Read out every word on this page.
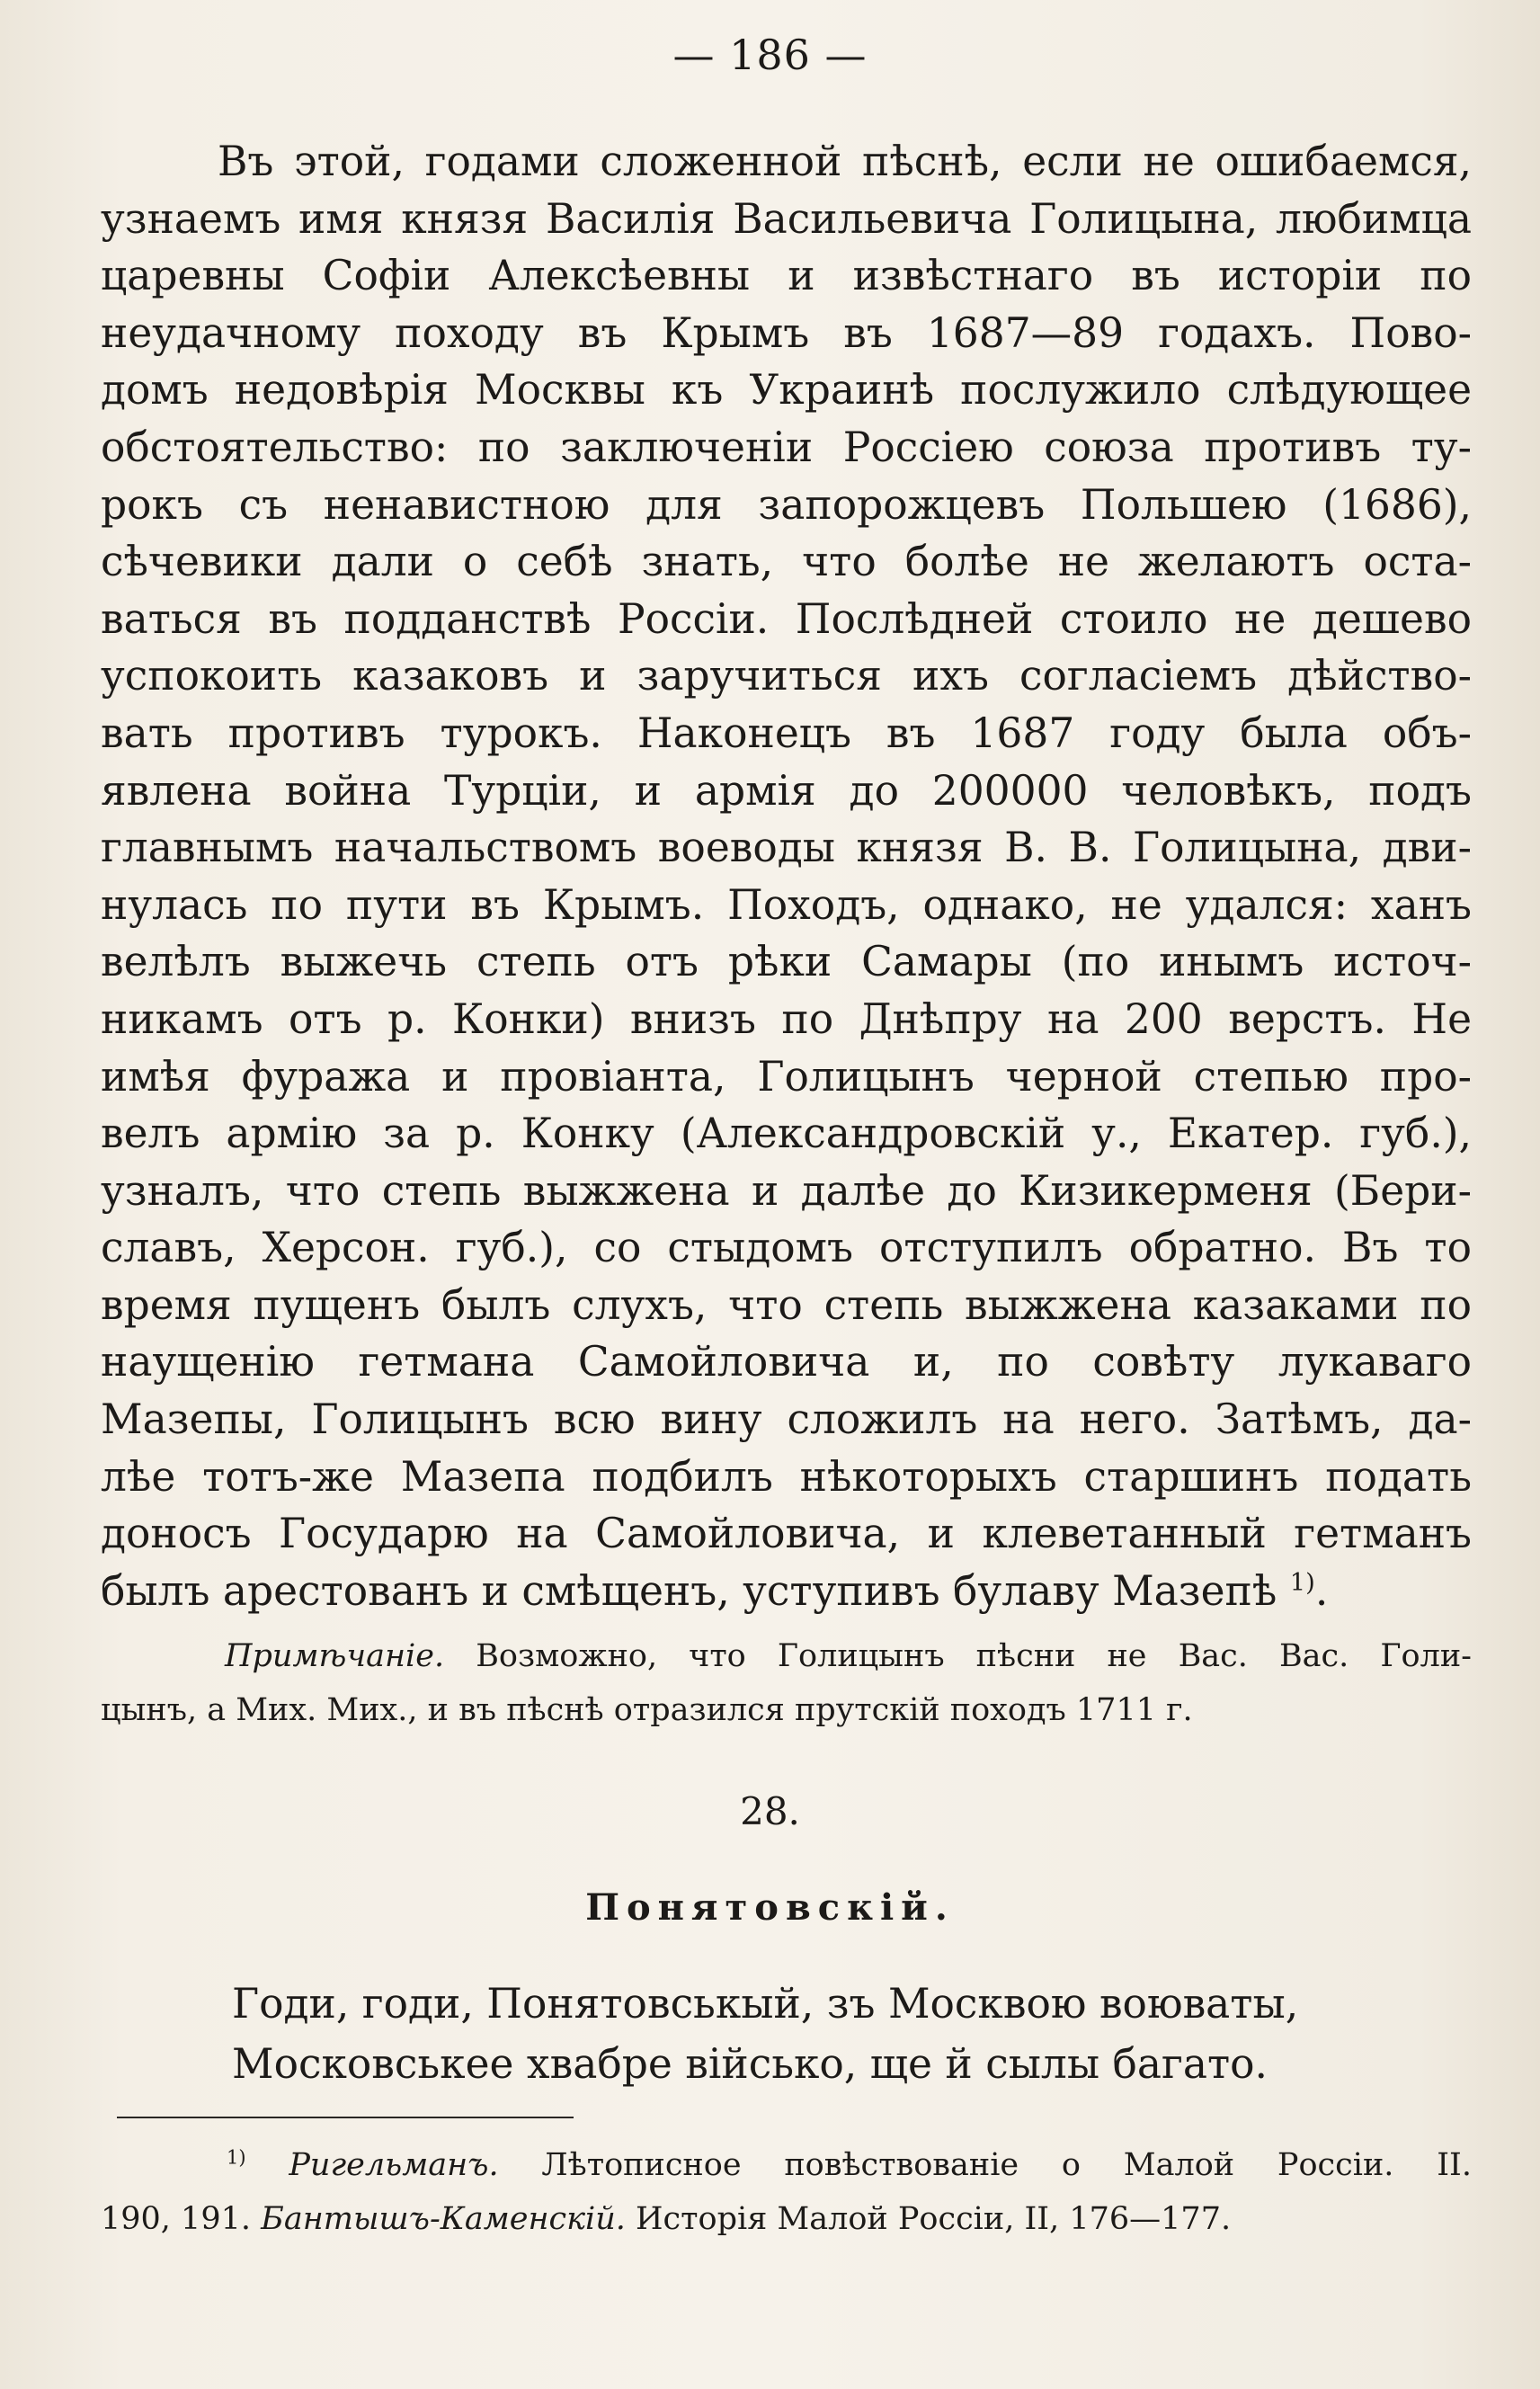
— 186 —
Въ этой, годами сложенной пѣснѣ, если не ошибаемся,
узнаемъ имя князя Василія Васильевича Голицына, любимца
царевны Софіи Алексѣевны и извѣстнаго въ исторіи по
неудачному походу въ Крымъ въ 1687—89 годахъ. Пово-
домъ недовѣрія Москвы къ Украинѣ послужило слѣдующее
обстоятельство: по заключеніи Россіею союза противъ ту-
рокъ съ ненавистною для запорожцевъ Польшею (1686),
сѣчевики дали о себѣ знать, что болѣе не желаютъ оста-
ваться въ подданствѣ Россіи. Послѣдней стоило не дешево
успокоить казаковъ и заручиться ихъ согласіемъ дѣйство-
вать противъ турокъ. Наконецъ въ 1687 году была объ-
явлена война Турціи, и армія до 200000 человѣкъ, подъ
главнымъ начальствомъ воеводы князя В. В. Голицына, дви-
нулась по пути въ Крымъ. Походъ, однако, не удался: ханъ
велѣлъ выжечь степь отъ рѣки Самары (по инымъ источ-
никамъ отъ р. Конки) внизъ по Днѣпру на 200 верстъ. Не
имѣя фуража и провіанта, Голицынъ черной степью про-
велъ армію за р. Конку (Александровскій у., Екатер. губ.),
узналъ, что степь выжжена и далѣе до Кизикерменя (Бери-
славъ, Херсон. губ.), со стыдомъ отступилъ обратно. Въ то
время пущенъ былъ слухъ, что степь выжжена казаками по
наущенію гетмана Самойловича и, по совѣту лукаваго
Мазепы, Голицынъ всю вину сложилъ на него. Затѣмъ, да-
лѣе тотъ-же Мазепа подбилъ нѣкоторыхъ старшинъ подать
доносъ Государю на Самойловича, и клеветанный гетманъ
былъ арестованъ и смѣщенъ, уступивъ булаву Мазепѣ $^{1)}$.
Примѣчаніе. Возможно, что Голицынъ пѣсни не Вас. Вас. Голи-
цынъ, а Мих. Мих., и въ пѣснѣ отразился прутскій походъ 1711 г.
28.
Понятовскій.
Годи, годи, Понятовськый, зъ Москвою воюваты,
Московськее хвабре військо, ще й сылы багато.
$^{1)}$ Ригельманъ. Лѣтописное повѣствованіе о Малой Россіи. II.
190, 191. Бантышъ-Каменскій. Исторія Малой Россіи, II, 176—177.
